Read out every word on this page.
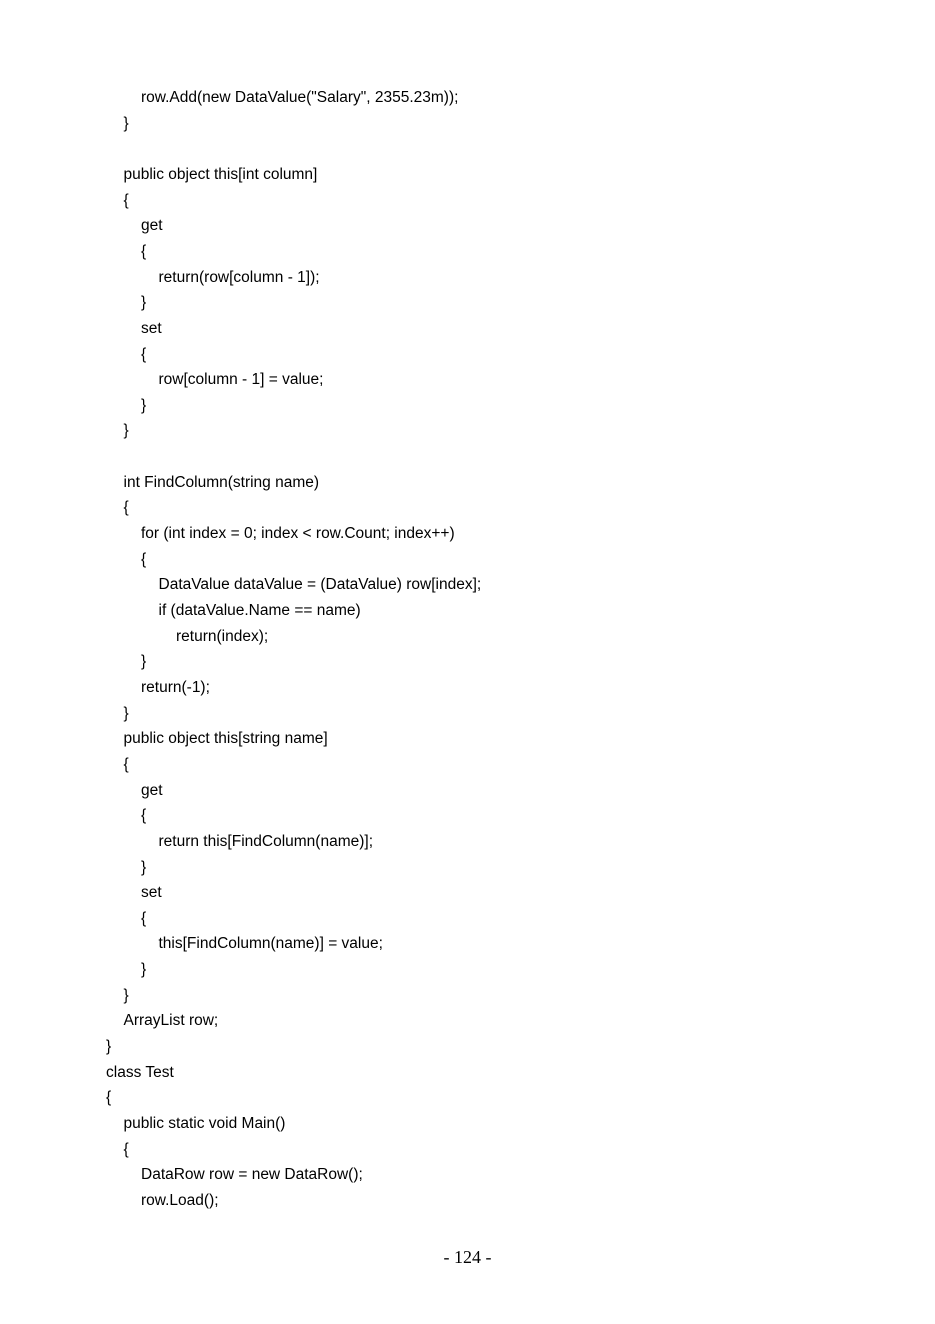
row.Add(new DataValue("Salary", 2355.23m));
}
public object this[int column]
{
get
{
return(row[column - 1]);
}
set
{
row[column - 1] = value;
}
}
int FindColumn(string name)
{
for (int index = 0; index < row.Count; index++)
{
DataValue dataValue = (DataValue) row[index];
if (dataValue.Name == name)
return(index);
}
return(-1);
}
public object this[string name]
{
get
{
return this[FindColumn(name)];
}
set
{
this[FindColumn(name)] = value;
}
}
ArrayList row;
}
class Test
{
public static void Main()
{
DataRow row = new DataRow();
row.Load();
- 124 -
